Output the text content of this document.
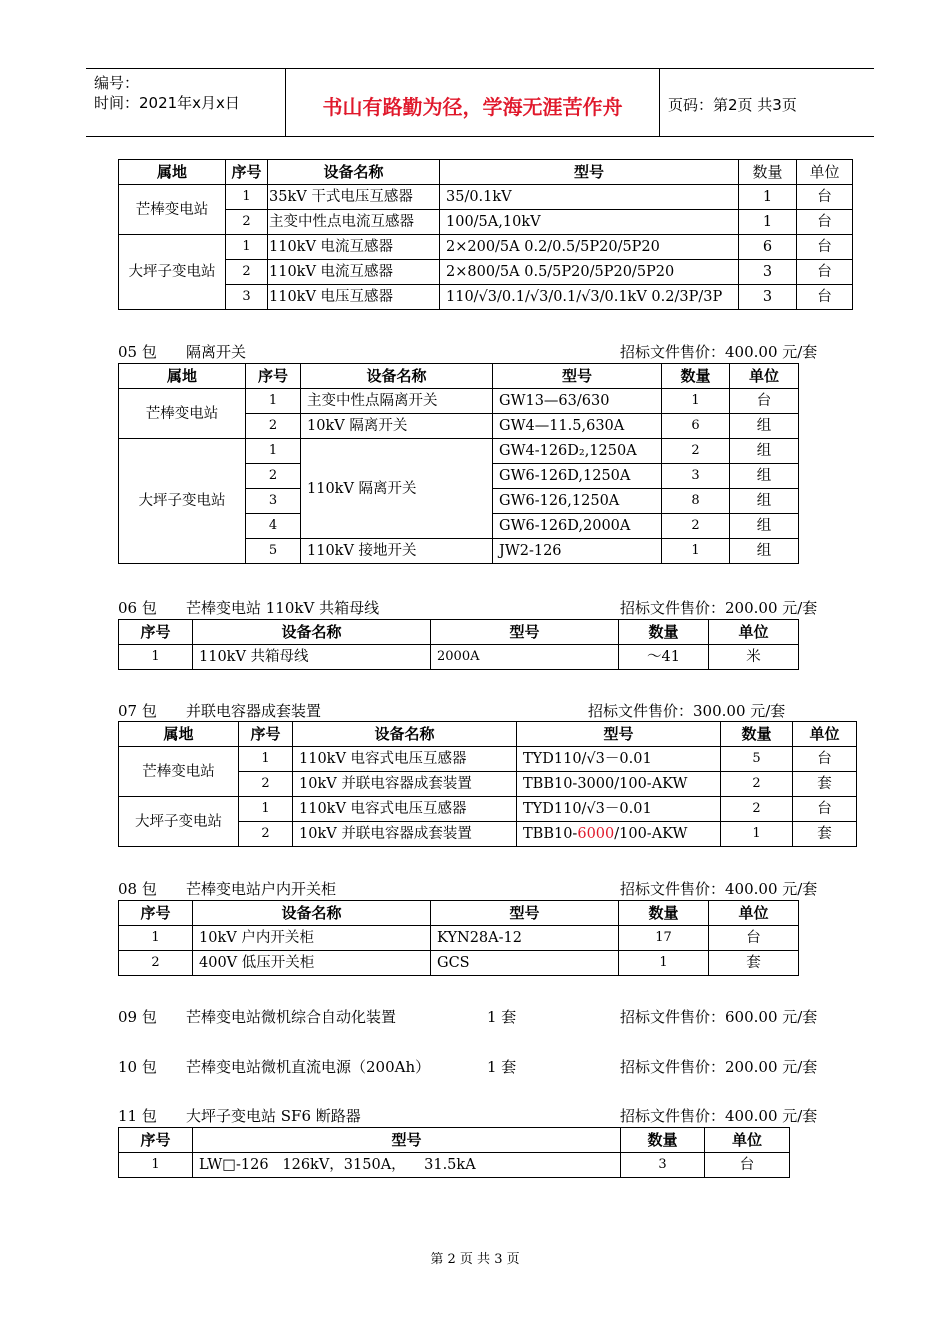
编号：
时间：2021年x月x日	书山有路勤为径，学海无涯苦作舟	页码：第2页 共3页
属地	序号	设备名称	型号	数量	单位
芒棒变电站	1	35kV 干式电压互感器	35/0.1kV	1	台
	2	主变中性点电流互感器	100/5A,10kV	1	台
大坪子变电站	1	110kV 电流互感器	2×200/5A 0.2/0.5/5P20/5P20	6	台
	2	110kV 电流互感器	2×800/5A 0.5/5P20/5P20/5P20	3	台
	3	110kV 电压互感器	110/√3/0.1/√3/0.1/√3/0.1kV 0.2/3P/3P	3	台
05 包 隔离开关	招标文件售价：400.00 元/套
属地	序号	设备名称	型号	数量	单位
芒棒变电站	1	主变中性点隔离开关	GW13—63/630	1	台
	2	10kV 隔离开关	GW4—11.5,630A	6	组
大坪子变电站	1	110kV 隔离开关	GW4-126D₂,1250A	2	组
	2		GW6-126D,1250A	3	组
	3		GW6-126,1250A	8	组
	4		GW6-126D,2000A	2	组
	5	110kV 接地开关	JW2-126	1	组
06 包 芒棒变电站 110kV 共箱母线	招标文件售价：200.00 元/套
序号	设备名称	型号	数量	单位
1	110kV 共箱母线	2000A	～41	米
07 包 并联电容器成套装置	招标文件售价：300.00 元/套
属地	序号	设备名称	型号	数量	单位
芒棒变电站	1	110kV 电容式电压互感器	TYD110/√3－0.01	5	台
	2	10kV 并联电容器成套装置	TBB10-3000/100-AKW	2	套
大坪子变电站	1	110kV 电容式电压互感器	TYD110/√3－0.01	2	台
	2	10kV 并联电容器成套装置	TBB10-6000/100-AKW	1	套
08 包 芒棒变电站户内开关柜	招标文件售价：400.00 元/套
序号	设备名称	型号	数量	单位
1	10kV 户内开关柜	KYN28A-12	17	台
2	400V 低压开关柜	GCS	1	套
09 包 芒棒变电站微机综合自动化装置	1 套	招标文件售价：600.00 元/套
10 包 芒棒变电站微机直流电源（200Ah）	1 套	招标文件售价：200.00 元/套
11 包 大坪子变电站 SF6 断路器	招标文件售价：400.00 元/套
序号	型号	数量	单位
1	LW□-126   126kV，3150A，    31.5kA	3	台
第 2 页 共 3 页
